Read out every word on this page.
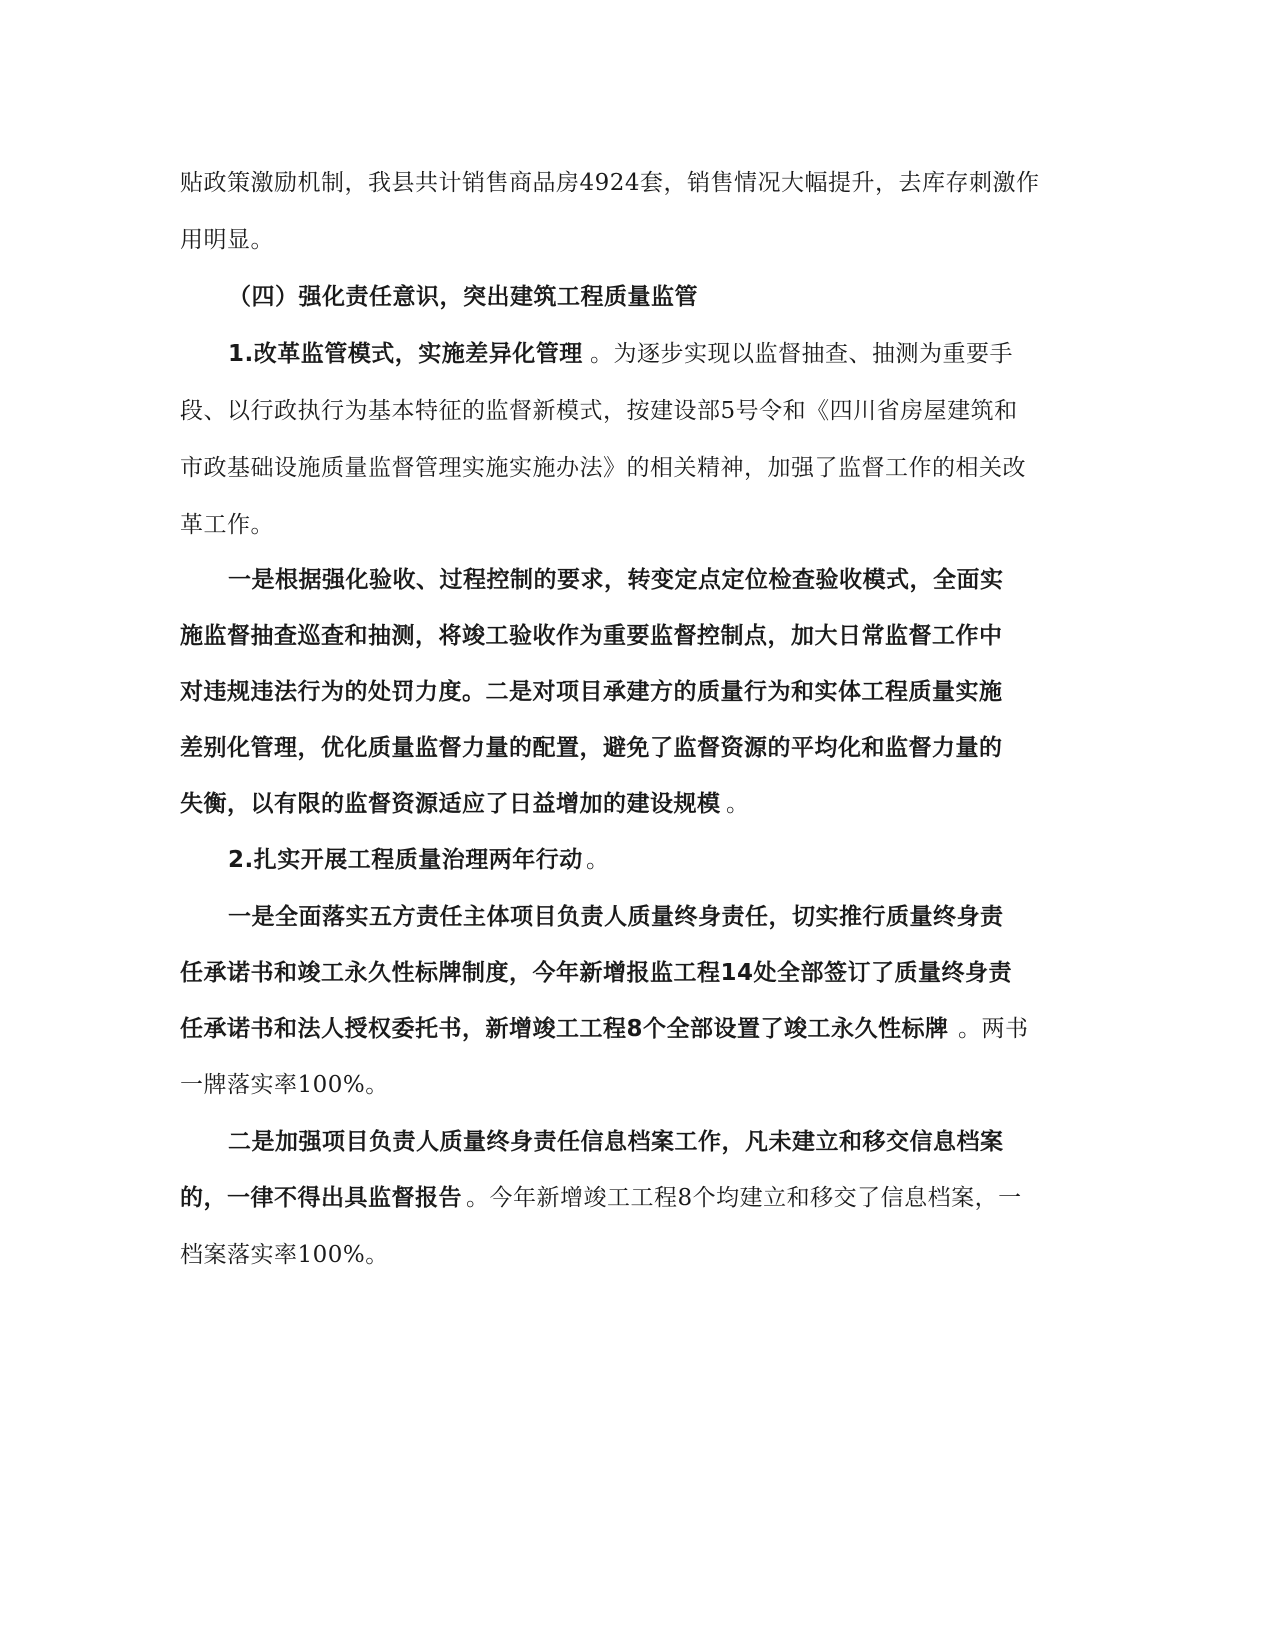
贴政策激励机制，我县共计销售商品房4924套，销售情况大幅提升，去库存刺激作
用明显。
（四）强化责任意识，突出建筑工程质量监管
1.改革监管模式，实施差异化管理 。为逐步实现以监督抽查、抽测为重要手
段、以行政执行为基本特征的监督新模式，按建设部5号令和《四川省房屋建筑和
市政基础设施质量监督管理实施实施办法》的相关精神，加强了监督工作的相关改
革工作。
一是根据强化验收、过程控制的要求，转变定点定位检查验收模式，全面实
施监督抽查巡查和抽测，将竣工验收作为重要监督控制点，加大日常监督工作中
对违规违法行为的处罚力度。二是对项目承建方的质量行为和实体工程质量实施
差别化管理，优化质量监督力量的配置，避免了监督资源的平均化和监督力量的
失衡，以有限的监督资源适应了日益增加的建设规模 。
2.扎实开展工程质量治理两年行动 。
一是全面落实五方责任主体项目负责人质量终身责任，切实推行质量终身责
任承诺书和竣工永久性标牌制度，今年新增报监工程14处全部签订了质量终身责
任承诺书和法人授权委托书，新增竣工工程8个全部设置了竣工永久性标牌 。两书
一牌落实率100%。
二是加强项目负责人质量终身责任信息档案工作，凡未建立和移交信息档案
的，一律不得出具监督报告 。今年新增竣工工程8个均建立和移交了信息档案，一
档案落实率100%。
